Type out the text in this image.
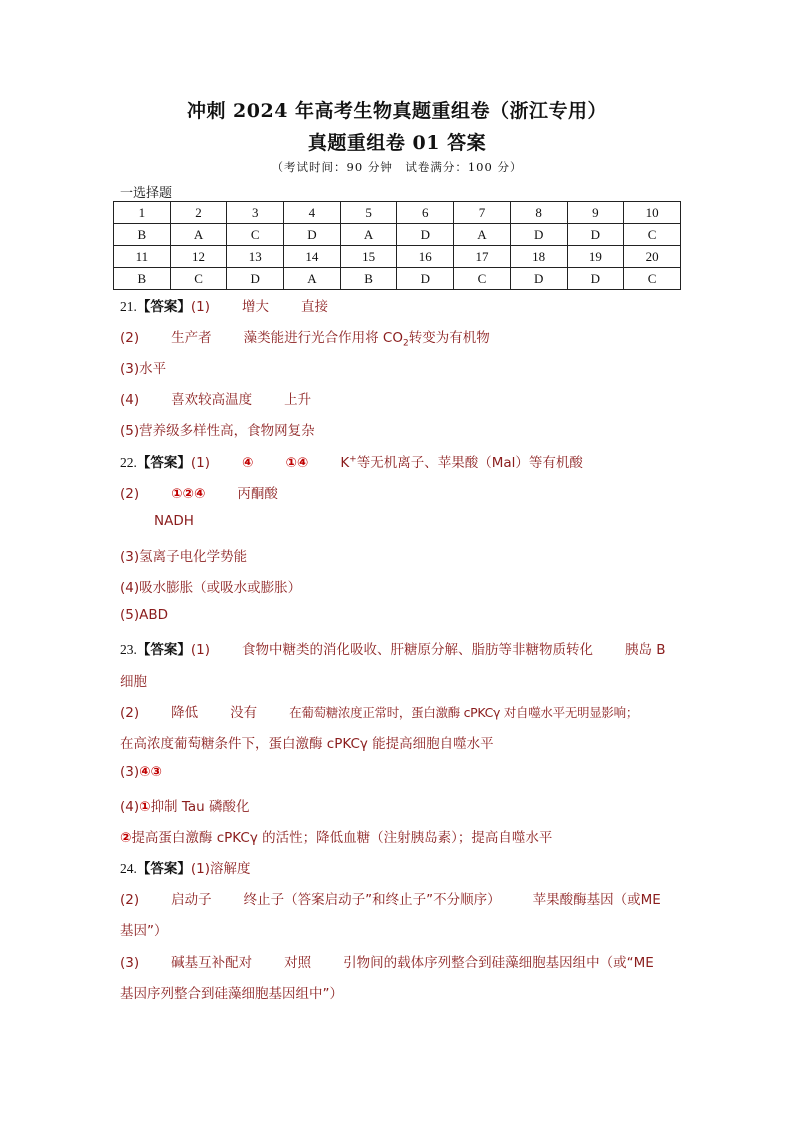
冲刺 2024 年高考生物真题重组卷（浙江专用）
真题重组卷 01 答案
（考试时间：90 分钟　试卷满分：100 分）
一选择题
1	2	3	4	5	6	7	8	9	10
B	A	C	D	A	D	A	D	D	C
11	12	13	14	15	16	17	18	19	20
B	C	D	A	B	D	C	D	D	C
21.【答案】(1) 增大 直接
(2) 生产者 藻类能进行光合作用将 $CO_2$转变为有机物
(3)水平
(4) 喜欢较高温度 上升
(5)营养级多样性高，食物网复杂
22.【答案】(1) ④ ①④ K+等无机离子、苹果酸（Mal）等有机酸
(2) ①②④ 丙酮酸
NADH
(3)氢离子电化学势能
(4)吸水膨胀（或吸水或膨胀）
(5)ABD
23.【答案】(1) 食物中糖类的消化吸收、肝糖原分解、脂肪等非糖物质转化 胰岛 B
细胞
(2) 降低 没有	在葡萄糖浓度正常时，蛋白激酶 cPKCγ 对自噬水平无明显影响；
在高浓度葡萄糖条件下，蛋白激酶 cPKCγ 能提高细胞自噬水平
(3)④③
(4)①抑制 Tau 磷酸化
②提高蛋白激酶 cPKCγ 的活性；降低血糖（注射胰岛素）；提高自噬水平
24.【答案】(1)溶解度
(2) 启动子 终止子（答案启动子”和终止子”不分顺序） 苹果酸酶基因（或ME
基因”）
(3) 碱基互补配对 对照 引物间的载体序列整合到硅藻细胞基因组中（或“ME
基因序列整合到硅藻细胞基因组中”）
